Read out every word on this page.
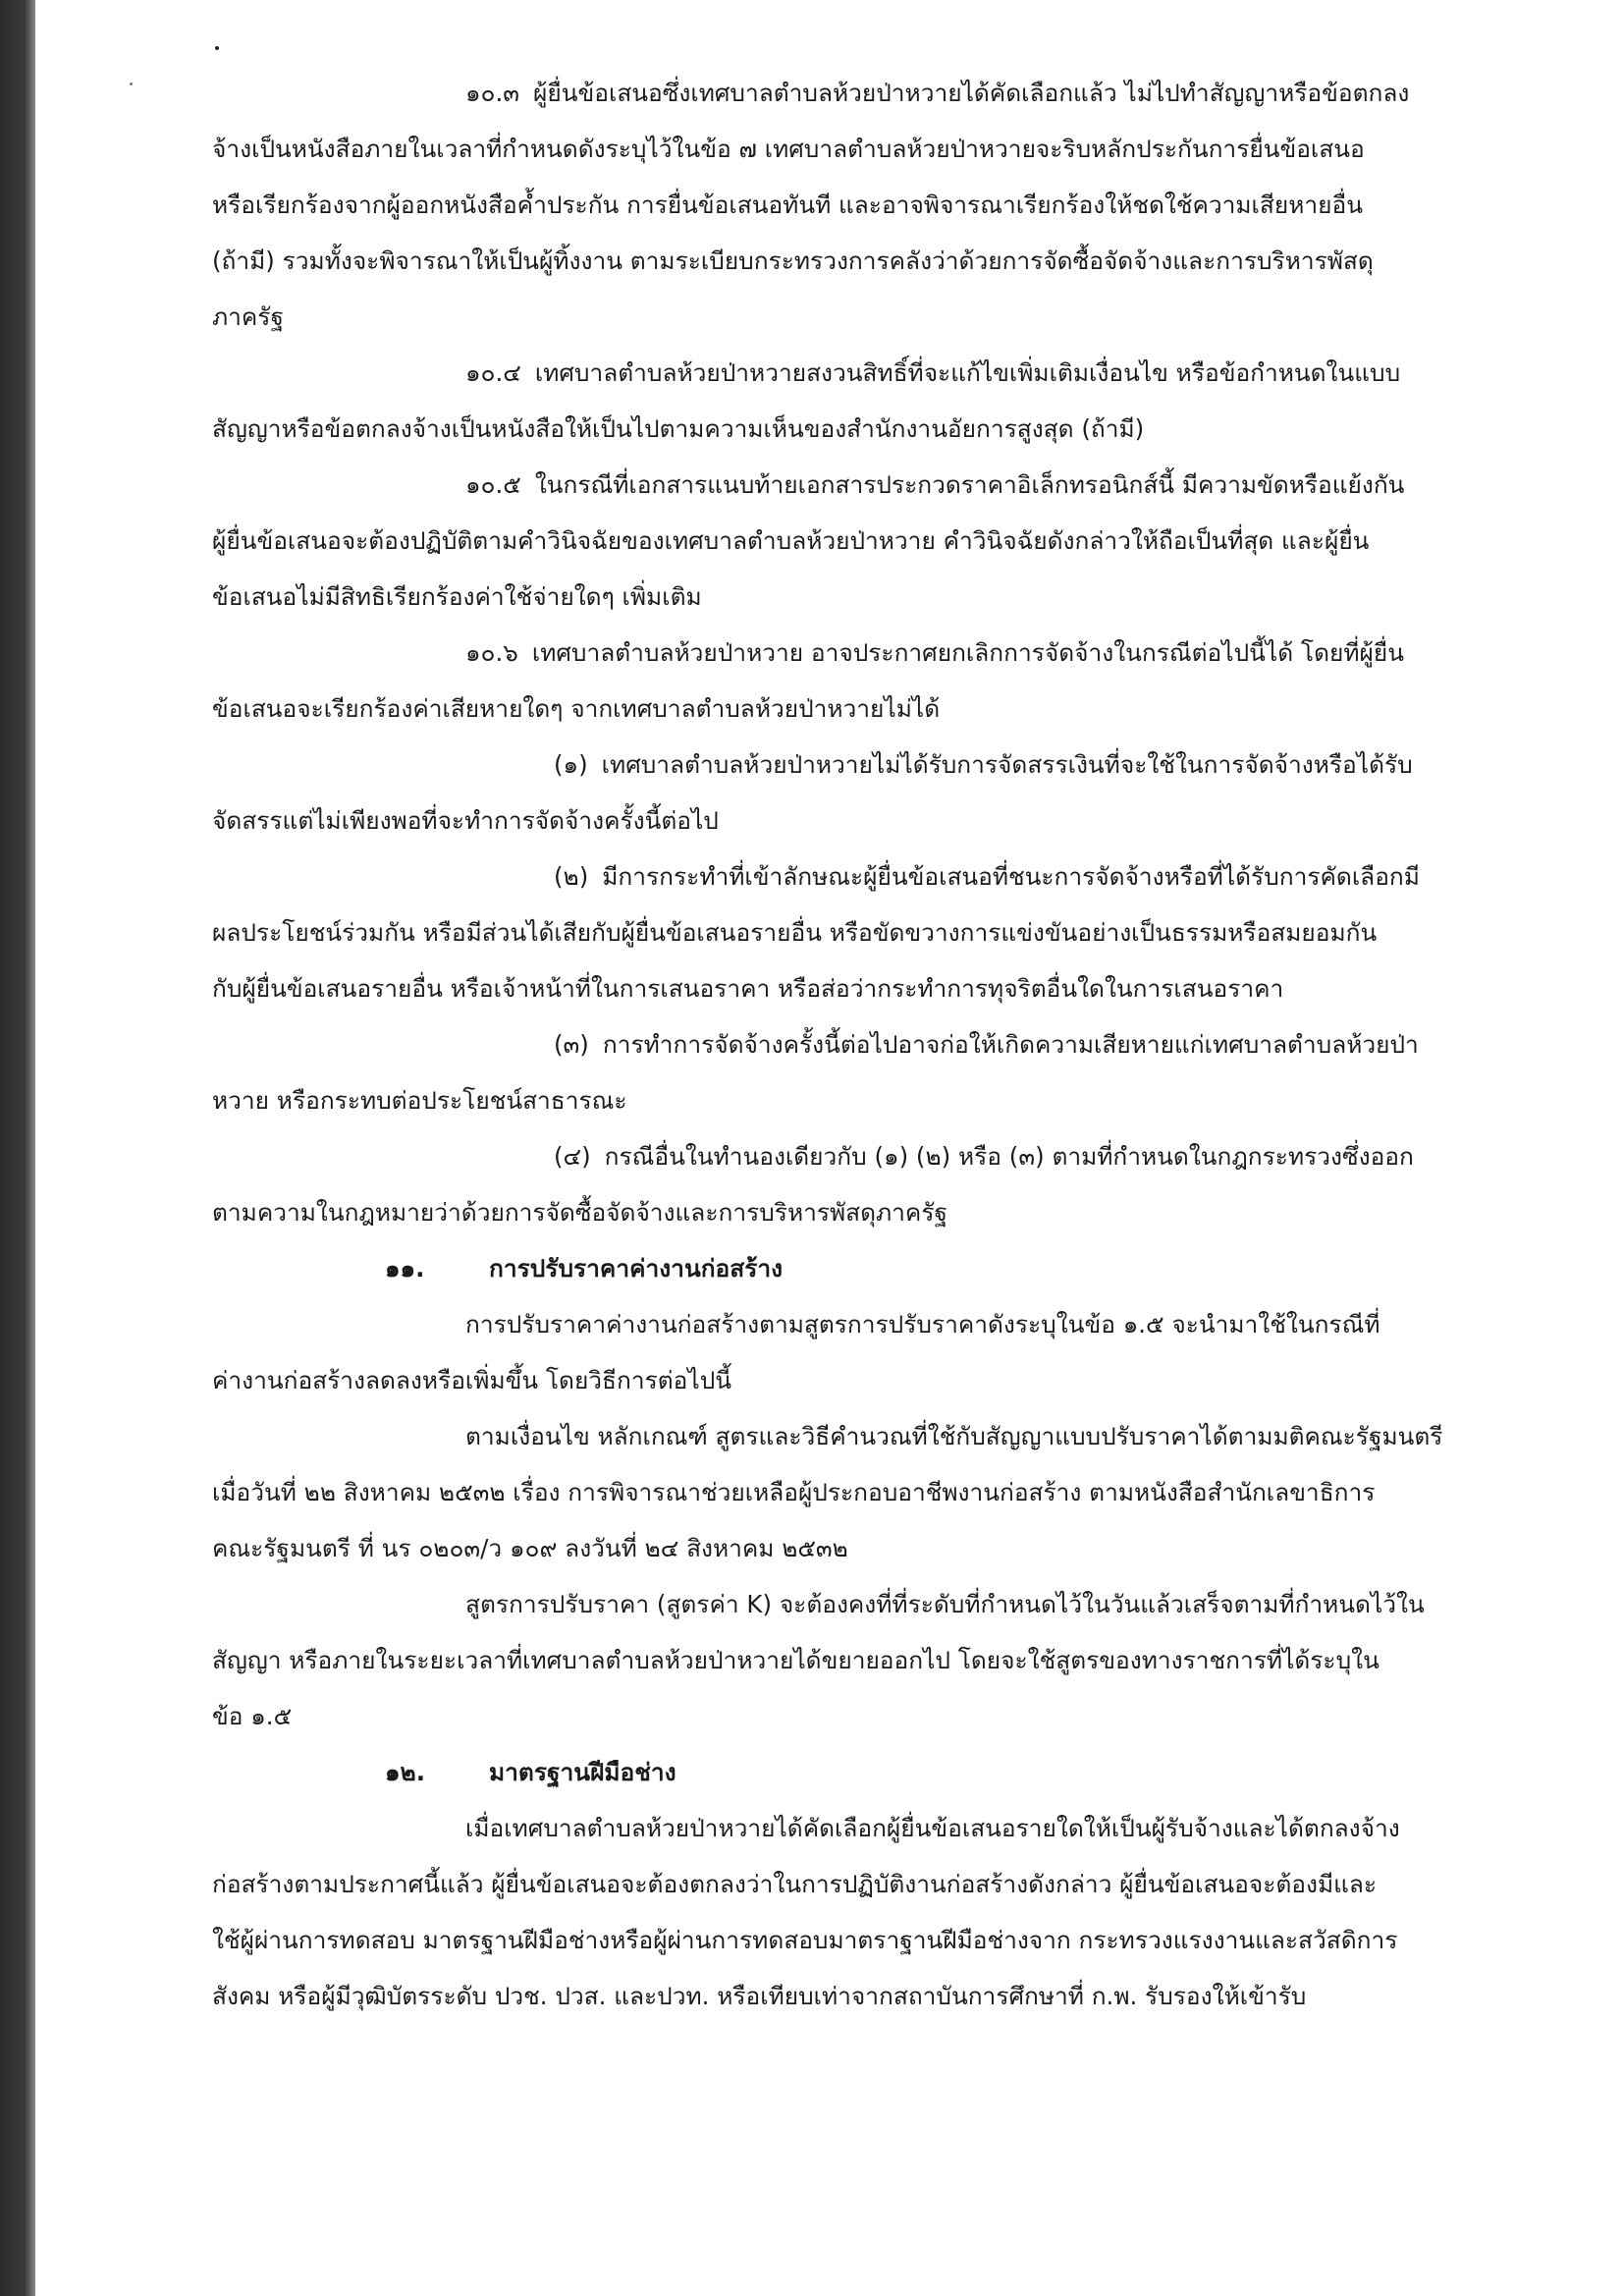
๑๐.๓ ผู้ยื่นข้อเสนอซึ่งเทศบาลตำบลห้วยป่าหวายได้คัดเลือกแล้ว ไม่ไปทำสัญญาหรือข้อตกลง

จ้างเป็นหนังสือภายในเวลาที่กำหนดดังระบุไว้ในข้อ ๗ เทศบาลตำบลห้วยป่าหวายจะริบหลักประกันการยื่นข้อเสนอ

หรือเรียกร้องจากผู้ออกหนังสือค้ำประกัน การยื่นข้อเสนอทันที และอาจพิจารณาเรียกร้องให้ชดใช้ความเสียหายอื่น

(ถ้ามี) รวมทั้งจะพิจารณาให้เป็นผู้ทิ้งงาน ตามระเบียบกระทรวงการคลังว่าด้วยการจัดซื้อจัดจ้างและการบริหารพัสดุ

ภาครัฐ

๑๐.๔ เทศบาลตำบลห้วยป่าหวายสงวนสิทธิ์ที่จะแก้ไขเพิ่มเติมเงื่อนไข หรือข้อกำหนดในแบบ

สัญญาหรือข้อตกลงจ้างเป็นหนังสือให้เป็นไปตามความเห็นของสำนักงานอัยการสูงสุด (ถ้ามี)

๑๐.๕ ในกรณีที่เอกสารแนบท้ายเอกสารประกวดราคาอิเล็กทรอนิกส์นี้ มีความขัดหรือแย้งกัน

ผู้ยื่นข้อเสนอจะต้องปฏิบัติตามคำวินิจฉัยของเทศบาลตำบลห้วยป่าหวาย คำวินิจฉัยดังกล่าวให้ถือเป็นที่สุด และผู้ยื่น

ข้อเสนอไม่มีสิทธิเรียกร้องค่าใช้จ่ายใดๆ เพิ่มเติม

๑๐.๖ เทศบาลตำบลห้วยป่าหวาย อาจประกาศยกเลิกการจัดจ้างในกรณีต่อไปนี้ได้ โดยที่ผู้ยื่น

ข้อเสนอจะเรียกร้องค่าเสียหายใดๆ จากเทศบาลตำบลห้วยป่าหวายไม่ได้

(๑) เทศบาลตำบลห้วยป่าหวายไม่ได้รับการจัดสรรเงินที่จะใช้ในการจัดจ้างหรือได้รับ

จัดสรรแต่ไม่เพียงพอที่จะทำการจัดจ้างครั้งนี้ต่อไป

(๒) มีการกระทำที่เข้าลักษณะผู้ยื่นข้อเสนอที่ชนะการจัดจ้างหรือที่ได้รับการคัดเลือกมี

ผลประโยชน์ร่วมกัน หรือมีส่วนได้เสียกับผู้ยื่นข้อเสนอรายอื่น หรือขัดขวางการแข่งขันอย่างเป็นธรรมหรือสมยอมกัน

กับผู้ยื่นข้อเสนอรายอื่น หรือเจ้าหน้าที่ในการเสนอราคา หรือส่อว่ากระทำการทุจริตอื่นใดในการเสนอราคา

(๓) การทำการจัดจ้างครั้งนี้ต่อไปอาจก่อให้เกิดความเสียหายแก่เทศบาลตำบลห้วยป่า

หวาย หรือกระทบต่อประโยชน์สาธารณะ

(๔) กรณีอื่นในทำนองเดียวกับ (๑) (๒) หรือ (๓) ตามที่กำหนดในกฎกระทรวงซึ่งออก

ตามความในกฎหมายว่าด้วยการจัดซื้อจัดจ้างและการบริหารพัสดุภาครัฐ

๑๑.	การปรับราคาค่างานก่อสร้าง

การปรับราคาค่างานก่อสร้างตามสูตรการปรับราคาดังระบุในข้อ ๑.๕ จะนำมาใช้ในกรณีที่

ค่างานก่อสร้างลดลงหรือเพิ่มขึ้น โดยวิธีการต่อไปนี้

ตามเงื่อนไข หลักเกณฑ์ สูตรและวิธีคำนวณที่ใช้กับสัญญาแบบปรับราคาได้ตามมติคณะรัฐมนตรี

เมื่อวันที่ ๒๒ สิงหาคม ๒๕๓๒ เรื่อง การพิจารณาช่วยเหลือผู้ประกอบอาชีพงานก่อสร้าง ตามหนังสือสำนักเลขาธิการ

คณะรัฐมนตรี ที่ นร ๐๒๐๓/ว ๑๐๙ ลงวันที่ ๒๔ สิงหาคม ๒๕๓๒

สูตรการปรับราคา (สูตรค่า K) จะต้องคงที่ที่ระดับที่กำหนดไว้ในวันแล้วเสร็จตามที่กำหนดไว้ใน

สัญญา หรือภายในระยะเวลาที่เทศบาลตำบลห้วยป่าหวายได้ขยายออกไป โดยจะใช้สูตรของทางราชการที่ได้ระบุใน

ข้อ ๑.๕

๑๒.	มาตรฐานฝีมือช่าง

เมื่อเทศบาลตำบลห้วยป่าหวายได้คัดเลือกผู้ยื่นข้อเสนอรายใดให้เป็นผู้รับจ้างและได้ตกลงจ้าง

ก่อสร้างตามประกาศนี้แล้ว ผู้ยื่นข้อเสนอจะต้องตกลงว่าในการปฏิบัติงานก่อสร้างดังกล่าว ผู้ยื่นข้อเสนอจะต้องมีและ

ใช้ผู้ผ่านการทดสอบ มาตรฐานฝีมือช่างหรือผู้ผ่านการทดสอบมาตราฐานฝีมือช่างจาก กระทรวงแรงงานและสวัสดิการ

สังคม หรือผู้มีวุฒิบัตรระดับ ปวช. ปวส. และปวท. หรือเทียบเท่าจากสถาบันการศึกษาที่ ก.พ. รับรองให้เข้ารับ
